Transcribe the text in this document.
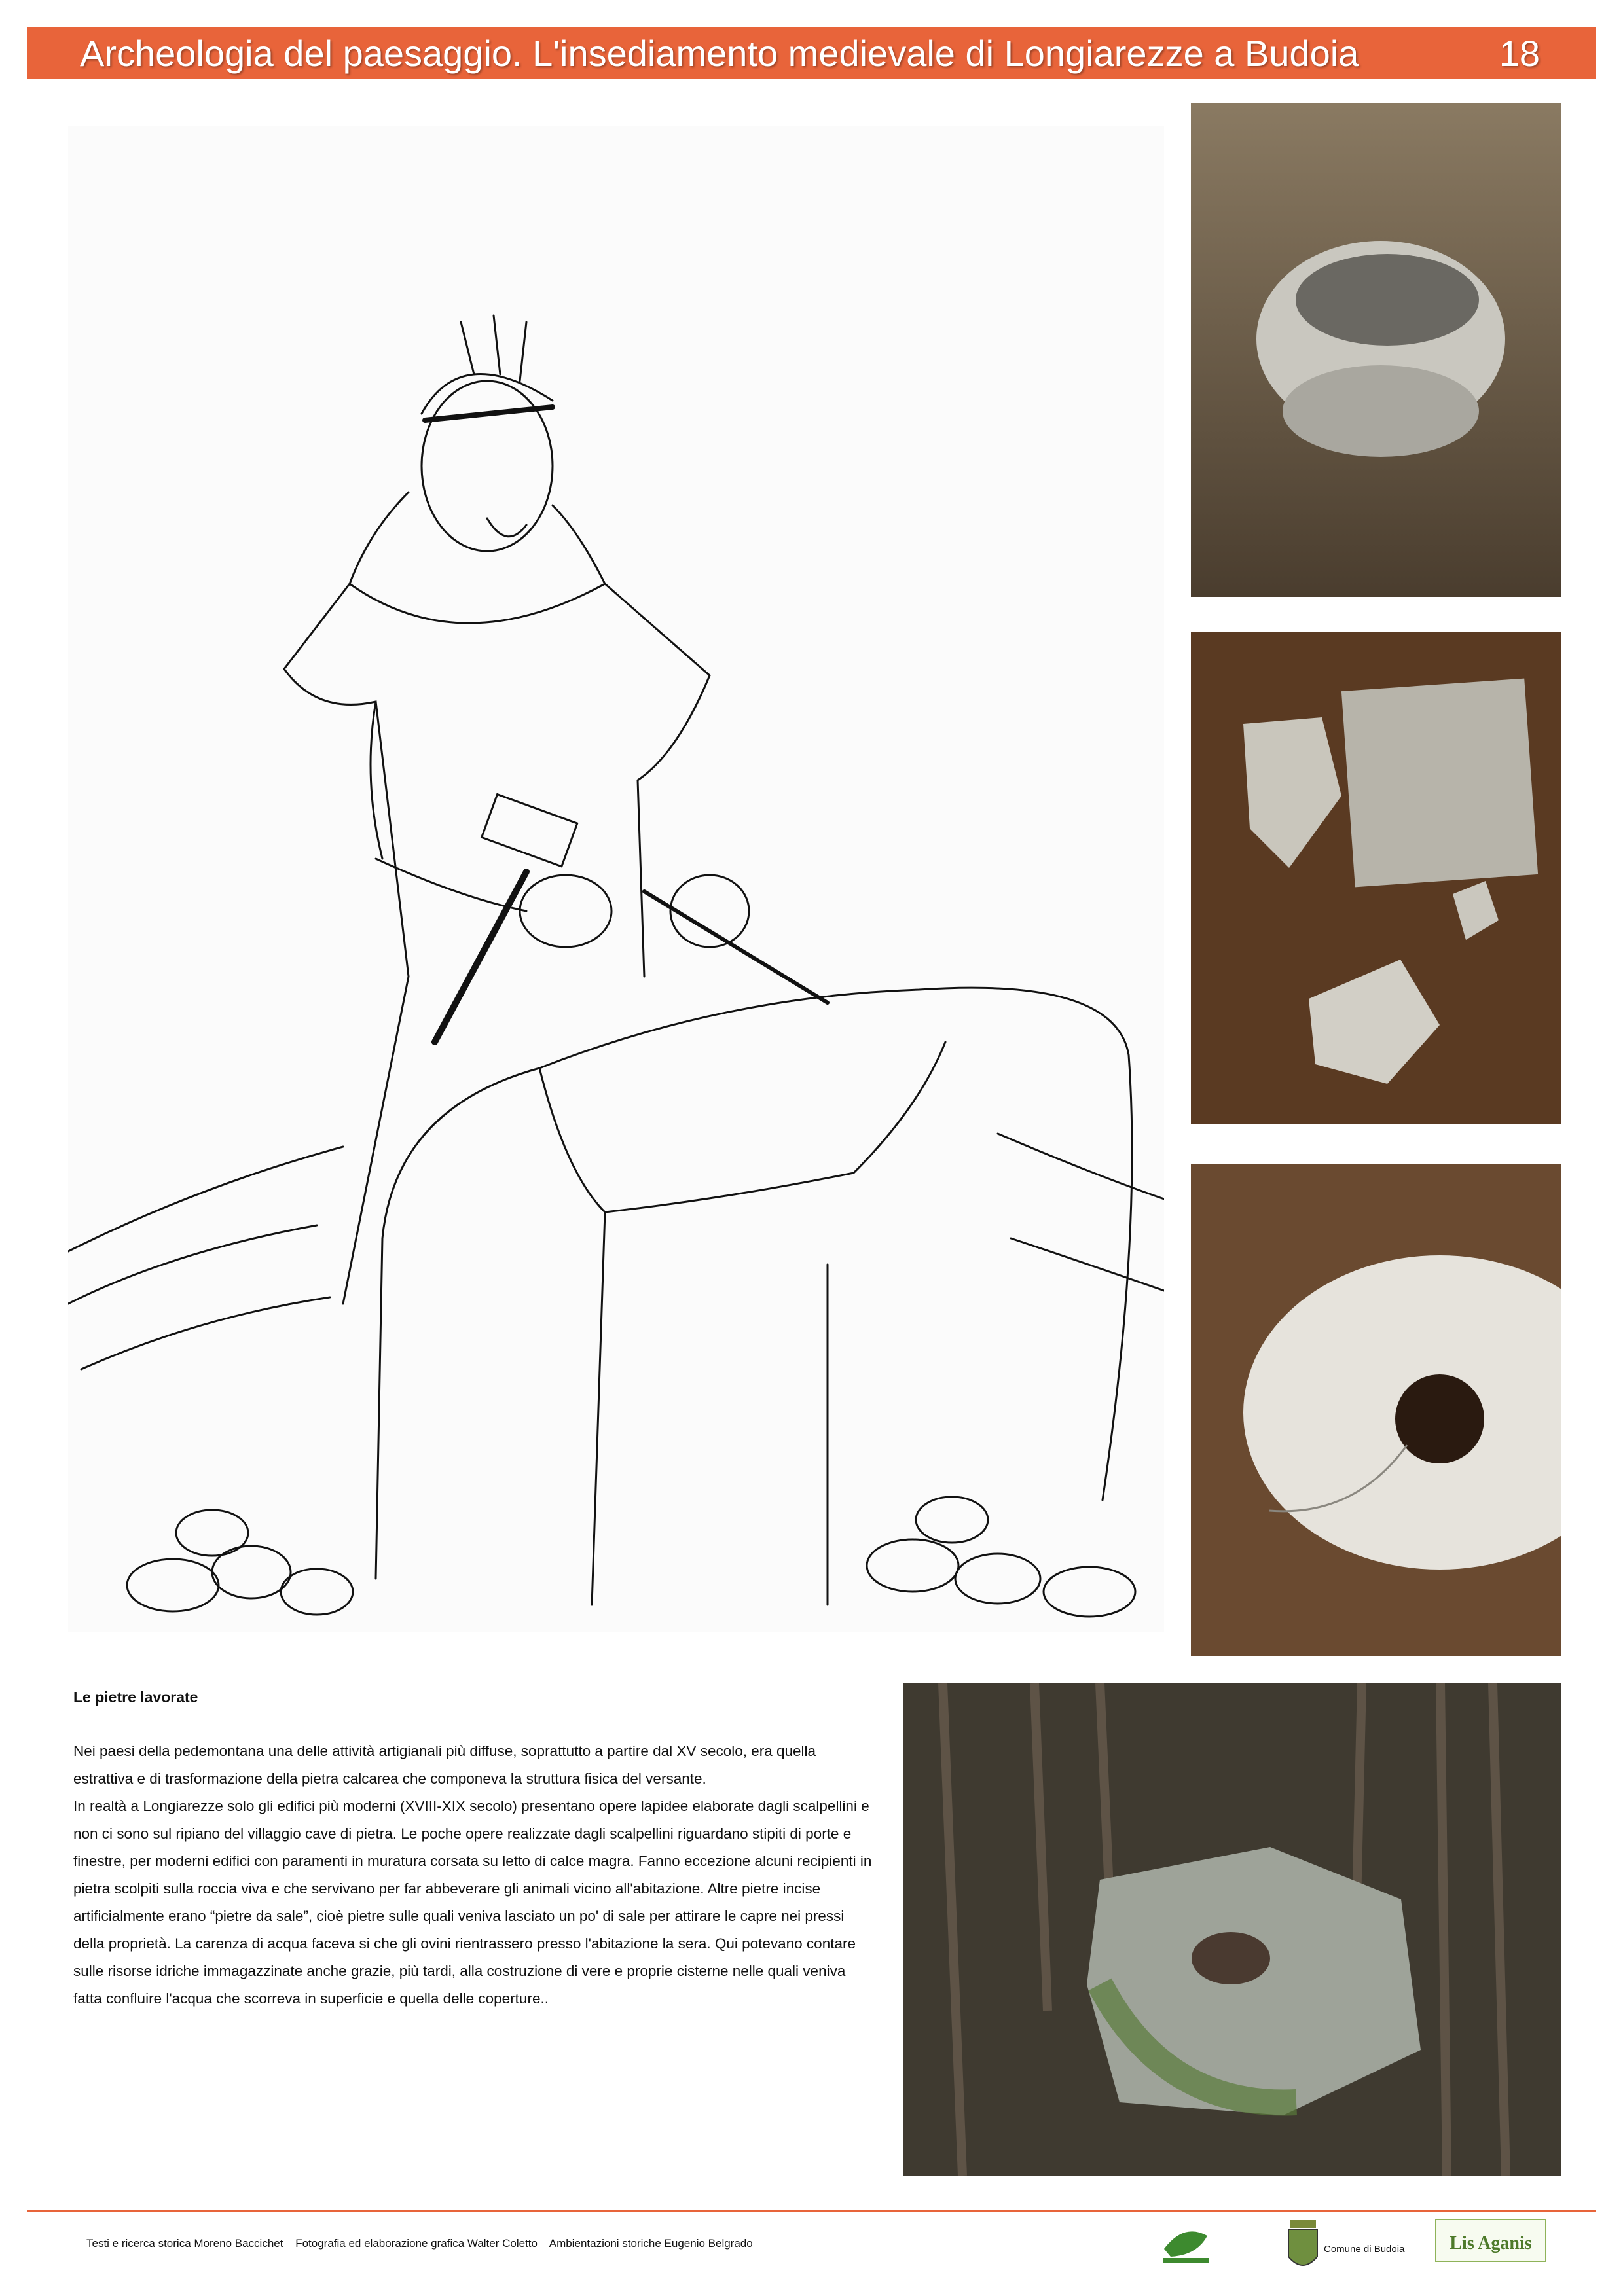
Archeologia del paesaggio. L'insediamento medievale di Longiarezze a Budoia	18
Le pietre lavorate

Nei paesi della pedemontana una delle attività artigianali più diffuse, soprattutto a partire dal XV secolo, era quella estrattiva e di trasformazione della pietra calcarea che componeva la struttura fisica del versante.

In realtà a Longiarezze solo gli edifici più moderni (XVIII-XIX secolo) presentano opere lapidee elaborate dagli scalpellini e non ci sono sul ripiano del villaggio cave di pietra. Le poche opere realizzate dagli scalpellini riguardano stipiti di porte e finestre, per moderni edifici con paramenti in muratura corsata su letto di calce magra. Fanno eccezione alcuni recipienti in pietra scolpiti sulla roccia viva e che servivano per far abbeverare gli animali vicino all'abitazione. Altre pietre incise artificialmente erano “pietre da sale”, cioè pietre sulle quali veniva lasciato un po' di sale per attirare le capre nei pressi della proprietà. La carenza di acqua faceva si che gli ovini rientrassero presso l'abitazione la sera. Qui potevano contare sulle risorse idriche immagazzinate anche grazie, più tardi, alla costruzione di vere e proprie cisterne nelle quali veniva fatta confluire l'acqua che scorreva in superficie e quella delle coperture..

Testi e ricerca storica Moreno Baccichet Fotografia ed elaborazione grafica Walter Coletto Ambientazioni storiche Eugenio Belgrado	Comune di Budoia	Lis Aganis
